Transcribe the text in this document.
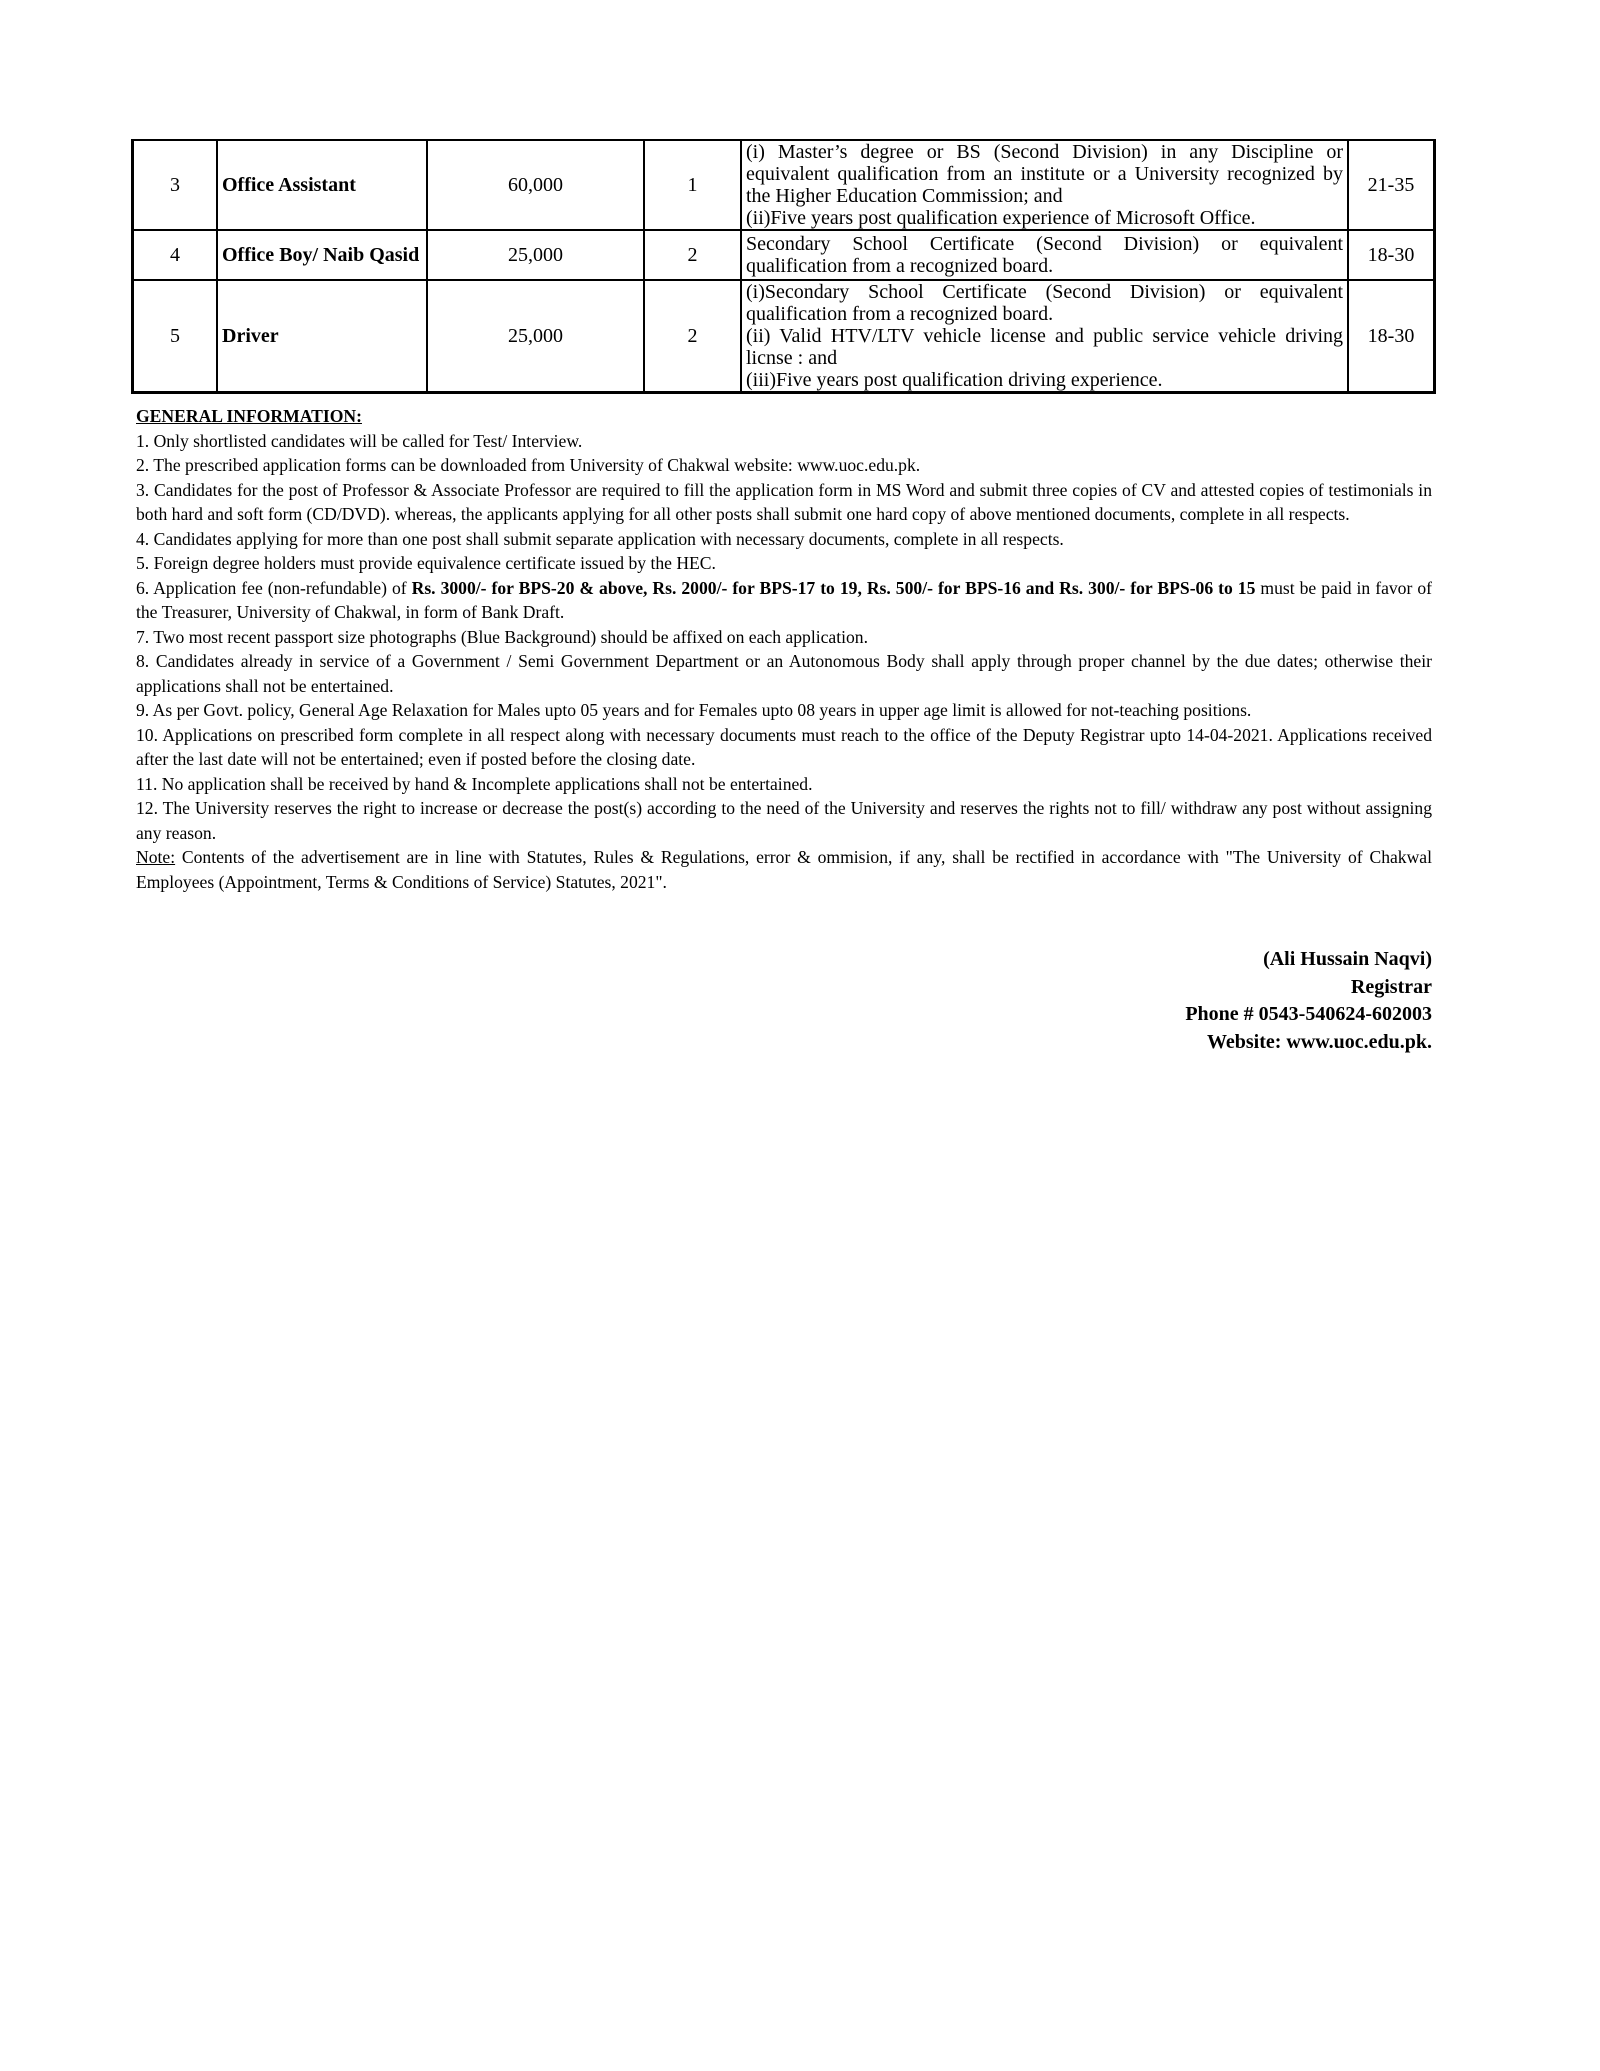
3	Office Assistant	60,000	1	(i) Master’s degree or BS (Second Division) in any Discipline or equivalent qualification from an institute or a University recognized by the Higher Education Commission; and
(ii)Five years post qualification experience of Microsoft Office.	21-35
4	Office Boy/ Naib Qasid	25,000	2	Secondary School Certificate (Second Division) or equivalent qualification from a recognized board.	18-30
5	Driver	25,000	2	(i)Secondary School Certificate (Second Division) or equivalent qualification from a recognized board.
(ii) Valid HTV/LTV vehicle license and public service vehicle driving licnse : and
(iii)Five years post qualification driving experience.	18-30

GENERAL INFORMATION:

1. Only shortlisted candidates will be called for Test/ Interview.

2. The prescribed application forms can be downloaded from University of Chakwal website: www.uoc.edu.pk.

3. Candidates for the post of Professor & Associate Professor are required to fill the application form in MS Word and submit three copies of CV and attested copies of testimonials in both hard and soft form (CD/DVD). whereas, the applicants applying for all other posts shall submit one hard copy of above mentioned documents, complete in all respects.

4. Candidates applying for more than one post shall submit separate application with necessary documents, complete in all respects.

5. Foreign degree holders must provide equivalence certificate issued by the HEC.

6. Application fee (non-refundable) of Rs. 3000/- for BPS-20 & above, Rs. 2000/- for BPS-17 to 19, Rs. 500/- for BPS-16 and Rs. 300/- for BPS-06 to 15 must be paid in favor of the Treasurer, University of Chakwal, in form of Bank Draft.

7. Two most recent passport size photographs (Blue Background) should be affixed on each application.

8. Candidates already in service of a Government / Semi Government Department or an Autonomous Body shall apply through proper channel by the due dates; otherwise their applications shall not be entertained.

9. As per Govt. policy, General Age Relaxation for Males upto 05 years and for Females upto 08 years in upper age limit is allowed for not-teaching positions.

10. Applications on prescribed form complete in all respect along with necessary documents must reach to the office of the Deputy Registrar upto 14-04-2021. Applications received after the last date will not be entertained; even if posted before the closing date.

11. No application shall be received by hand & Incomplete applications shall not be entertained.

12. The University reserves the right to increase or decrease the post(s) according to the need of the University and reserves the rights not to fill/ withdraw any post without assigning any reason.

Note: Contents of the advertisement are in line with Statutes, Rules & Regulations, error & ommision, if any, shall be rectified in accordance with "The University of Chakwal Employees (Appointment, Terms & Conditions of Service) Statutes, 2021".

(Ali Hussain Naqvi)
Registrar
Phone # 0543-540624-602003
Website: www.uoc.edu.pk.
